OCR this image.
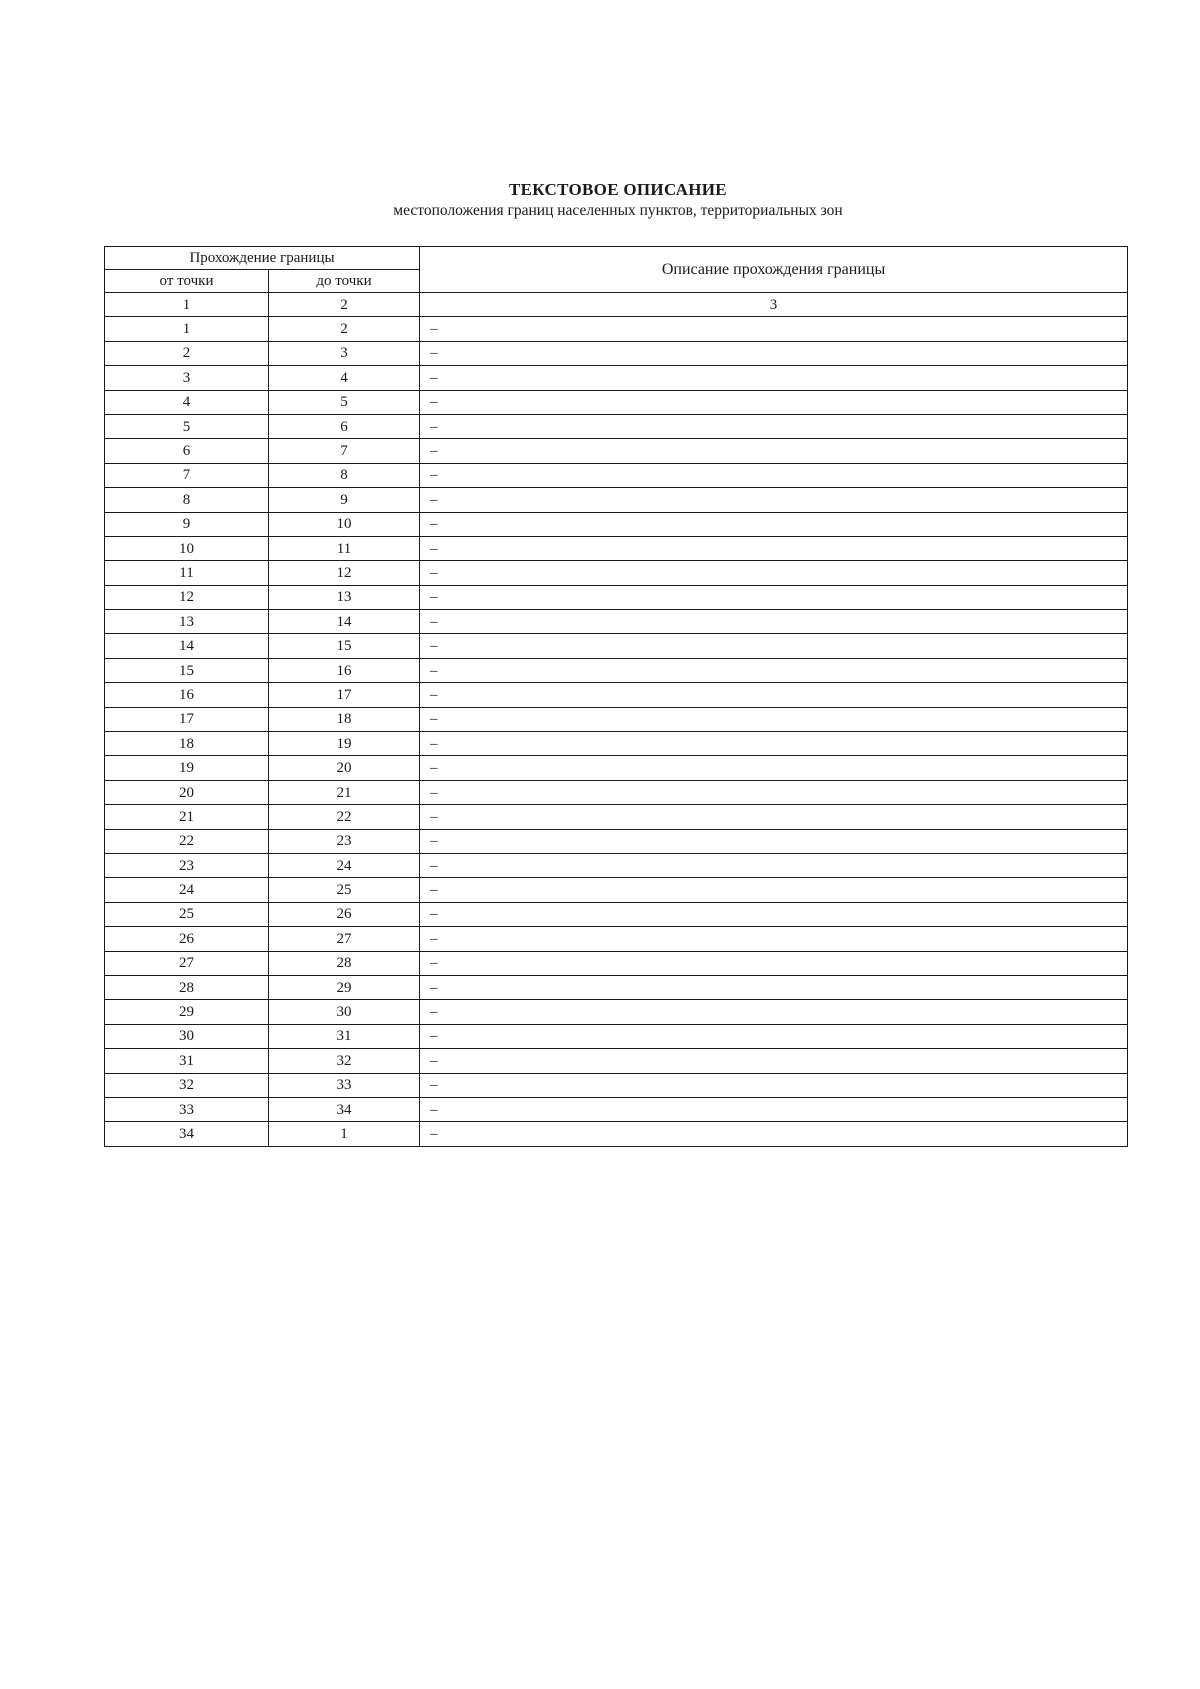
ТЕКСТОВОЕ ОПИСАНИЕ
местоположения границ населенных пунктов, территориальных зон
Прохождение границы		Описание прохождения границы
от точки	до точки	
1	2	3
1	2	–
2	3	–
3	4	–
4	5	–
5	6	–
6	7	–
7	8	–
8	9	–
9	10	–
10	11	–
11	12	–
12	13	–
13	14	–
14	15	–
15	16	–
16	17	–
17	18	–
18	19	–
19	20	–
20	21	–
21	22	–
22	23	–
23	24	–
24	25	–
25	26	–
26	27	–
27	28	–
28	29	–
29	30	–
30	31	–
31	32	–
32	33	–
33	34	–
34	1	–
